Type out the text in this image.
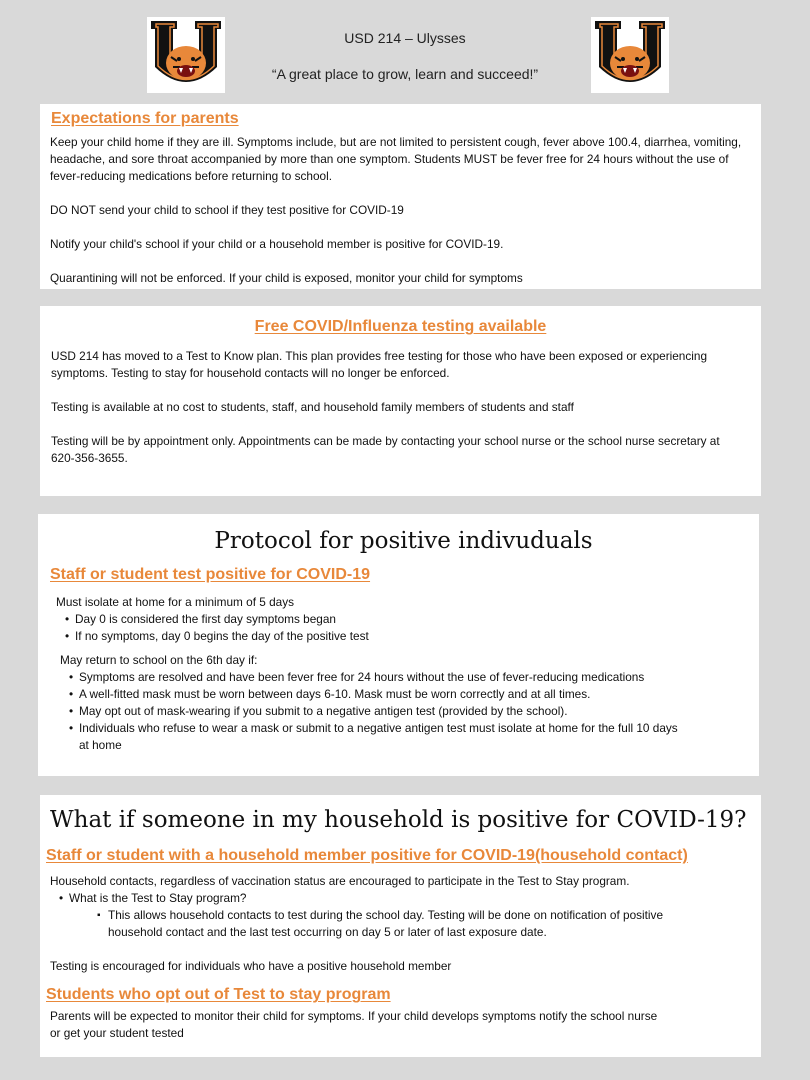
USD 214 – Ulysses
“A great place to grow, learn and succeed!”
Expectations for parents

Keep your child home if they are ill. Symptoms include, but are not limited to persistent cough, fever above 100.4, diarrhea, vomiting, headache, and sore throat accompanied by more than one symptom. Students MUST be fever free for 24 hours without the use of fever-reducing medications before returning to school.

DO NOT send your child to school if they test positive for COVID-19

Notify your child's school if your child or a household member is positive for COVID-19.

Quarantining will not be enforced. If your child is exposed, monitor your child for symptoms

Free COVID/Influenza testing available

USD 214 has moved to a Test to Know plan. This plan provides free testing for those who have been exposed or experiencing symptoms. Testing to stay for household contacts will no longer be enforced.

Testing is available at no cost to students, staff, and household family members of students and staff

Testing will be by appointment only. Appointments can be made by contacting your school nurse or the school nurse secretary at 620-356-3655.

Protocol for positive indivuduals
Staff or student test positive for COVID-19

Must isolate at home for a minimum of 5 days

• Day 0 is considered the first day symptoms began
• If no symptoms, day 0 begins the day of the positive test

May return to school on the 6th day if:

• Symptoms are resolved and have been fever free for 24 hours without the use of fever-reducing medications
• A well-fitted mask must be worn between days 6-10. Mask must be worn correctly and at all times.
• May opt out of mask-wearing if you submit to a negative antigen test (provided by the school).
• Individuals who refuse to wear a mask or submit to a negative antigen test must isolate at home for the full 10 days at home
What if someone in my household is positive for COVID-19?
Staff or student with a household member positive for COVID-19(household contact)

Household contacts, regardless of vaccination status are encouraged to participate in the Test to Stay program.

• What is the Test to Stay program?
▪ This allows household contacts to test during the school day. Testing will be done on notification of positive household contact and the last test occurring on day 5 or later of last exposure date.

Testing is encouraged for individuals who have a positive household member

Students who opt out of Test to stay program

Parents will be expected to monitor their child for symptoms. If your child develops symptoms notify the school nurse or get your student tested
